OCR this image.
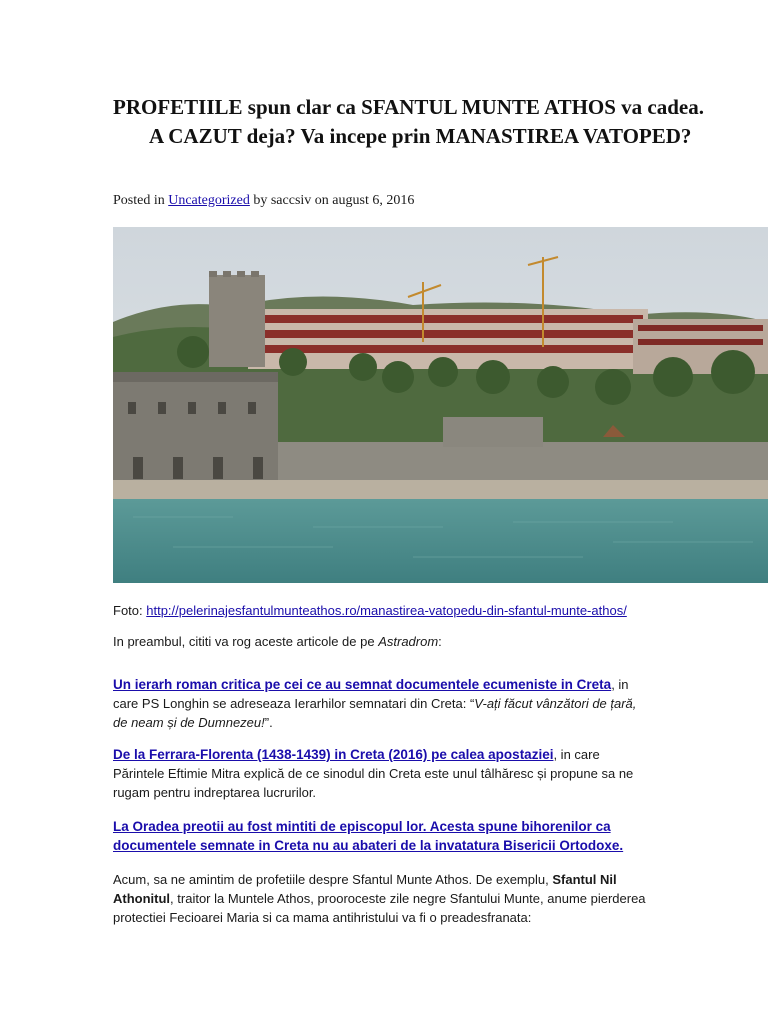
PROFETIILE spun clar ca SFANTUL MUNTE ATHOS va cadea. A CAZUT deja? Va incepe prin MANASTIREA VATOPED?
Posted in Uncategorized by saccsiv on august 6, 2016
Foto: http://pelerinajesfantulmunteathos.ro/manastirea-vatopedu-din-sfantul-munte-athos/
In preambul, cititi va rog aceste articole de pe Astradrom:
Un ierarh roman critica pe cei ce au semnat documentele ecumeniste in Creta, in care PS Longhin se adreseaza Ierarhilor semnatari din Creta: “V-ați făcut vânzători de țară, de neam și de Dumnezeu!”.
De la Ferrara-Florenta (1438-1439) in Creta (2016) pe calea apostaziei, in care Părintele Eftimie Mitra explică de ce sinodul din Creta este unul tâlhăresc și propune sa ne rugam pentru indreptarea lucrurilor.
La Oradea preotii au fost mintiti de episcopul lor. Acesta spune bihorenilor ca documentele semnate in Creta nu au abateri de la invatatura Bisericii Ortodoxe.
Acum, sa ne amintim de profetiile despre Sfantul Munte Athos. De exemplu, Sfantul Nil Athonitul, traitor la Muntele Athos, prooroceste zile negre Sfantului Munte, anume pierderea protectiei Fecioarei Maria si ca mama antihristului va fi o preadesfranata:
